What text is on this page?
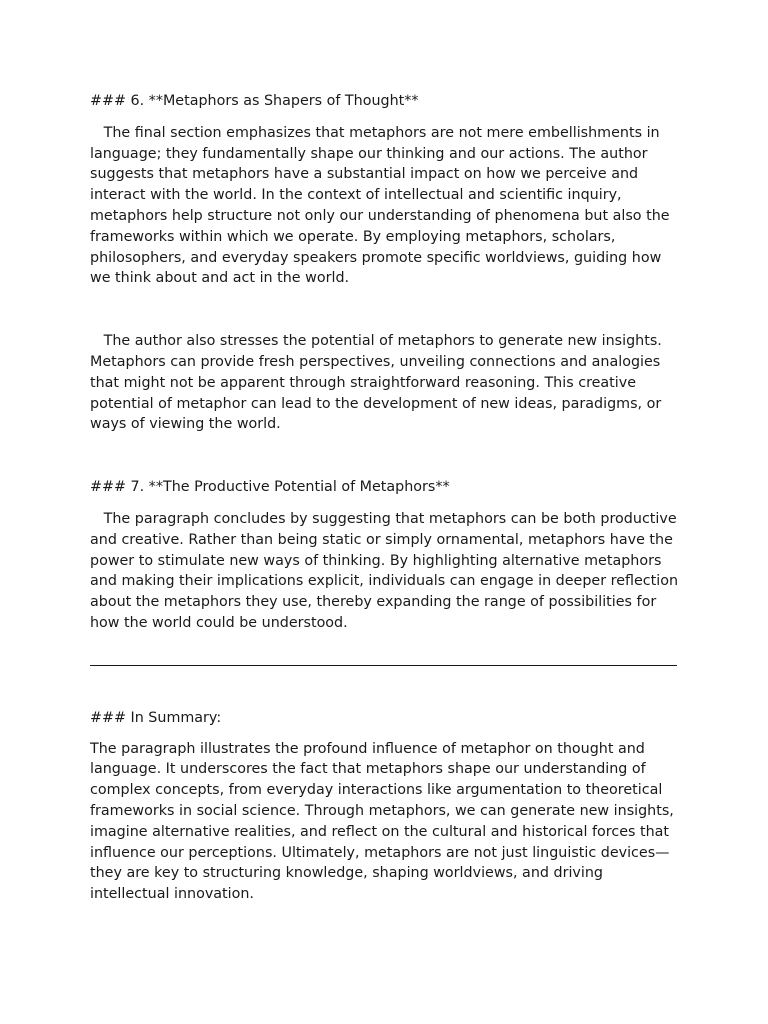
### 6. **Metaphors as Shapers of Thought**

The final section emphasizes that metaphors are not mere embellishments in language; they fundamentally shape our thinking and our actions. The author suggests that metaphors have a substantial impact on how we perceive and interact with the world. In the context of intellectual and scientific inquiry, metaphors help structure not only our understanding of phenomena but also the frameworks within which we operate. By employing metaphors, scholars, philosophers, and everyday speakers promote specific worldviews, guiding how we think about and act in the world.

The author also stresses the potential of metaphors to generate new insights. Metaphors can provide fresh perspectives, unveiling connections and analogies that might not be apparent through straightforward reasoning. This creative potential of metaphor can lead to the development of new ideas, paradigms, or ways of viewing the world.

### 7. **The Productive Potential of Metaphors**

The paragraph concludes by suggesting that metaphors can be both productive and creative. Rather than being static or simply ornamental, metaphors have the power to stimulate new ways of thinking. By highlighting alternative metaphors and making their implications explicit, individuals can engage in deeper reflection about the metaphors they use, thereby expanding the range of possibilities for how the world could be understood.

### In Summary:

The paragraph illustrates the profound influence of metaphor on thought and language. It underscores the fact that metaphors shape our understanding of complex concepts, from everyday interactions like argumentation to theoretical frameworks in social science. Through metaphors, we can generate new insights, imagine alternative realities, and reflect on the cultural and historical forces that influence our perceptions. Ultimately, metaphors are not just linguistic devices—they are key to structuring knowledge, shaping worldviews, and driving intellectual innovation.
